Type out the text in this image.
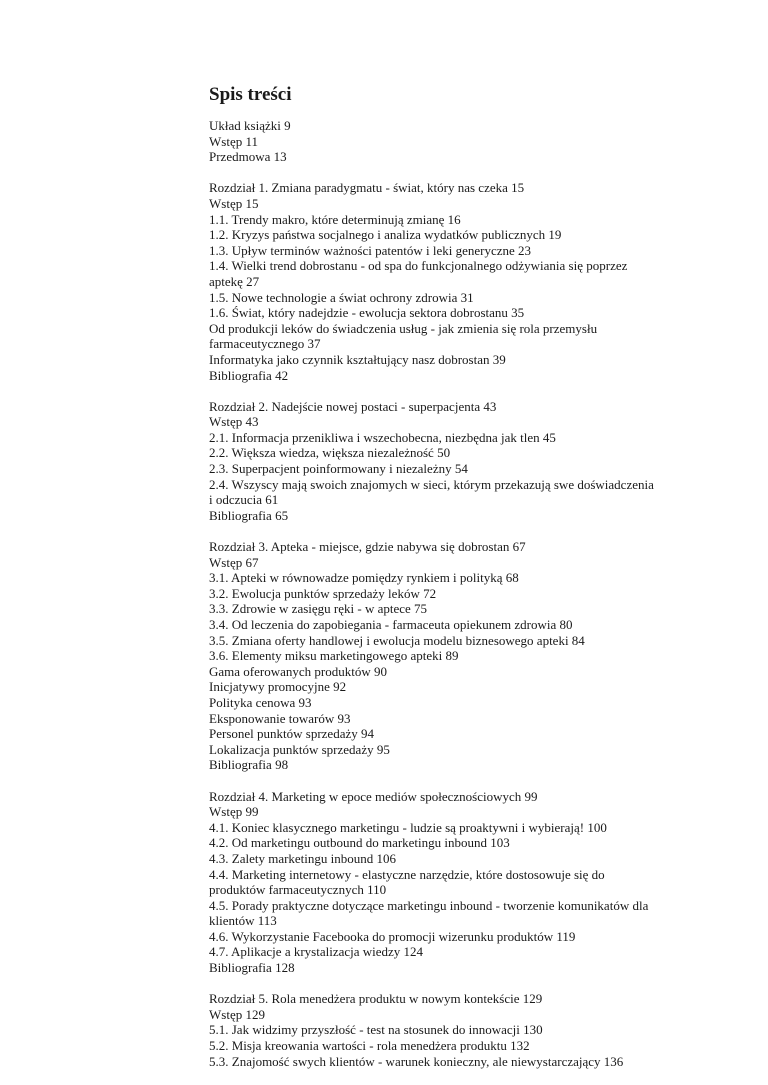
Spis treści
Układ książki 9
Wstęp 11
Przedmowa 13
Rozdział 1. Zmiana paradygmatu - świat, który nas czeka 15
Wstęp 15
1.1. Trendy makro, które determinują zmianę 16
1.2. Kryzys państwa socjalnego i analiza wydatków publicznych 19
1.3. Upływ terminów ważności patentów i leki generyczne 23
1.4. Wielki trend dobrostanu - od spa do funkcjonalnego odżywiania się poprzez
aptekę 27
1.5. Nowe technologie a świat ochrony zdrowia 31
1.6. Świat, który nadejdzie - ewolucja sektora dobrostanu 35
Od produkcji leków do świadczenia usług - jak zmienia się rola przemysłu
farmaceutycznego 37
Informatyka jako czynnik kształtujący nasz dobrostan 39
Bibliografia 42
Rozdział 2. Nadejście nowej postaci - superpacjenta 43
Wstęp 43
2.1. Informacja przenikliwa i wszechobecna, niezbędna jak tlen 45
2.2. Większa wiedza, większa niezależność 50
2.3. Superpacjent poinformowany i niezależny 54
2.4. Wszyscy mają swoich znajomych w sieci, którym przekazują swe doświadczenia
i odczucia 61
Bibliografia 65
Rozdział 3. Apteka - miejsce, gdzie nabywa się dobrostan 67
Wstęp 67
3.1. Apteki w równowadze pomiędzy rynkiem i polityką 68
3.2. Ewolucja punktów sprzedaży leków 72
3.3. Zdrowie w zasięgu ręki - w aptece 75
3.4. Od leczenia do zapobiegania - farmaceuta opiekunem zdrowia 80
3.5. Zmiana oferty handlowej i ewolucja modelu biznesowego apteki 84
3.6. Elementy miksu marketingowego apteki 89
Gama oferowanych produktów 90
Inicjatywy promocyjne 92
Polityka cenowa 93
Eksponowanie towarów 93
Personel punktów sprzedaży 94
Lokalizacja punktów sprzedaży 95
Bibliografia 98
Rozdział 4. Marketing w epoce mediów społecznościowych 99
Wstęp 99
4.1. Koniec klasycznego marketingu - ludzie są proaktywni i wybierają! 100
4.2. Od marketingu outbound do marketingu inbound 103
4.3. Zalety marketingu inbound 106
4.4. Marketing internetowy - elastyczne narzędzie, które dostosowuje się do
produktów farmaceutycznych 110
4.5. Porady praktyczne dotyczące marketingu inbound - tworzenie komunikatów dla
klientów 113
4.6. Wykorzystanie Facebooka do promocji wizerunku produktów 119
4.7. Aplikacje a krystalizacja wiedzy 124
Bibliografia 128
Rozdział 5. Rola menedżera produktu w nowym kontekście 129
Wstęp 129
5.1. Jak widzimy przyszłość - test na stosunek do innowacji 130
5.2. Misja kreowania wartości - rola menedżera produktu 132
5.3. Znajomość swych klientów - warunek konieczny, ale niewystarczający 136
